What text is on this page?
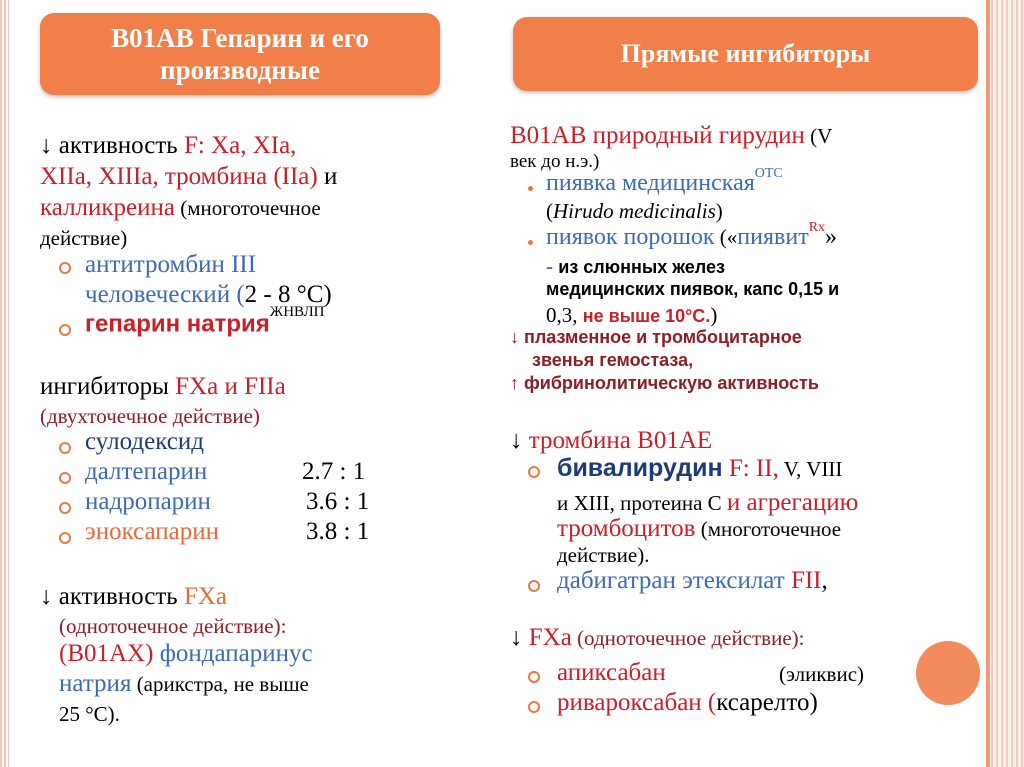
B01AB Гепарин и его
производные
Прямые ингибиторы
↓ активность F: Xa, XIa,
XIIa, XIIIa, тромбина (IIa) и
калликреина (многоточечное
действие)
антитромбин III
человеческий (2 - 8 °С)
гепарин натрия$^{ЖНВЛП}$
ингибиторы FXa и FIIa
(двухточечное действие)
сулодексид
далтепарин	2.7 : 1
надропарин	3.6 : 1
эноксапарин	3.8 : 1
↓ активность FXa
(одноточечное действие):
(B01AX) фондапаринус
натрия (арикстра, не выше
25 °С).
B01AB природный гирудин (V
век до н.э.)
пиявка медицинская$^{ОТС}$
(Hirudo medicinalis)
пиявок порошок («пиявит$^{Rx}$»
- из слюнных желез
медицинских пиявок, капс 0,15 и
0,3, не выше 10°С.)
↓ плазменное и тромбоцитарное
звенья гемостаза,
↑ фибринолитическую активность
↓ тромбина B01AE
бивалирудин F: II, V, VIII
и XIII, протеина С и агрегацию
тромбоцитов (многоточечное
действие).
дабигатран этексилат FII,
↓ FXa (одноточечное действие):
апиксабан	(эликвис)
ривароксабан (ксарелто)
